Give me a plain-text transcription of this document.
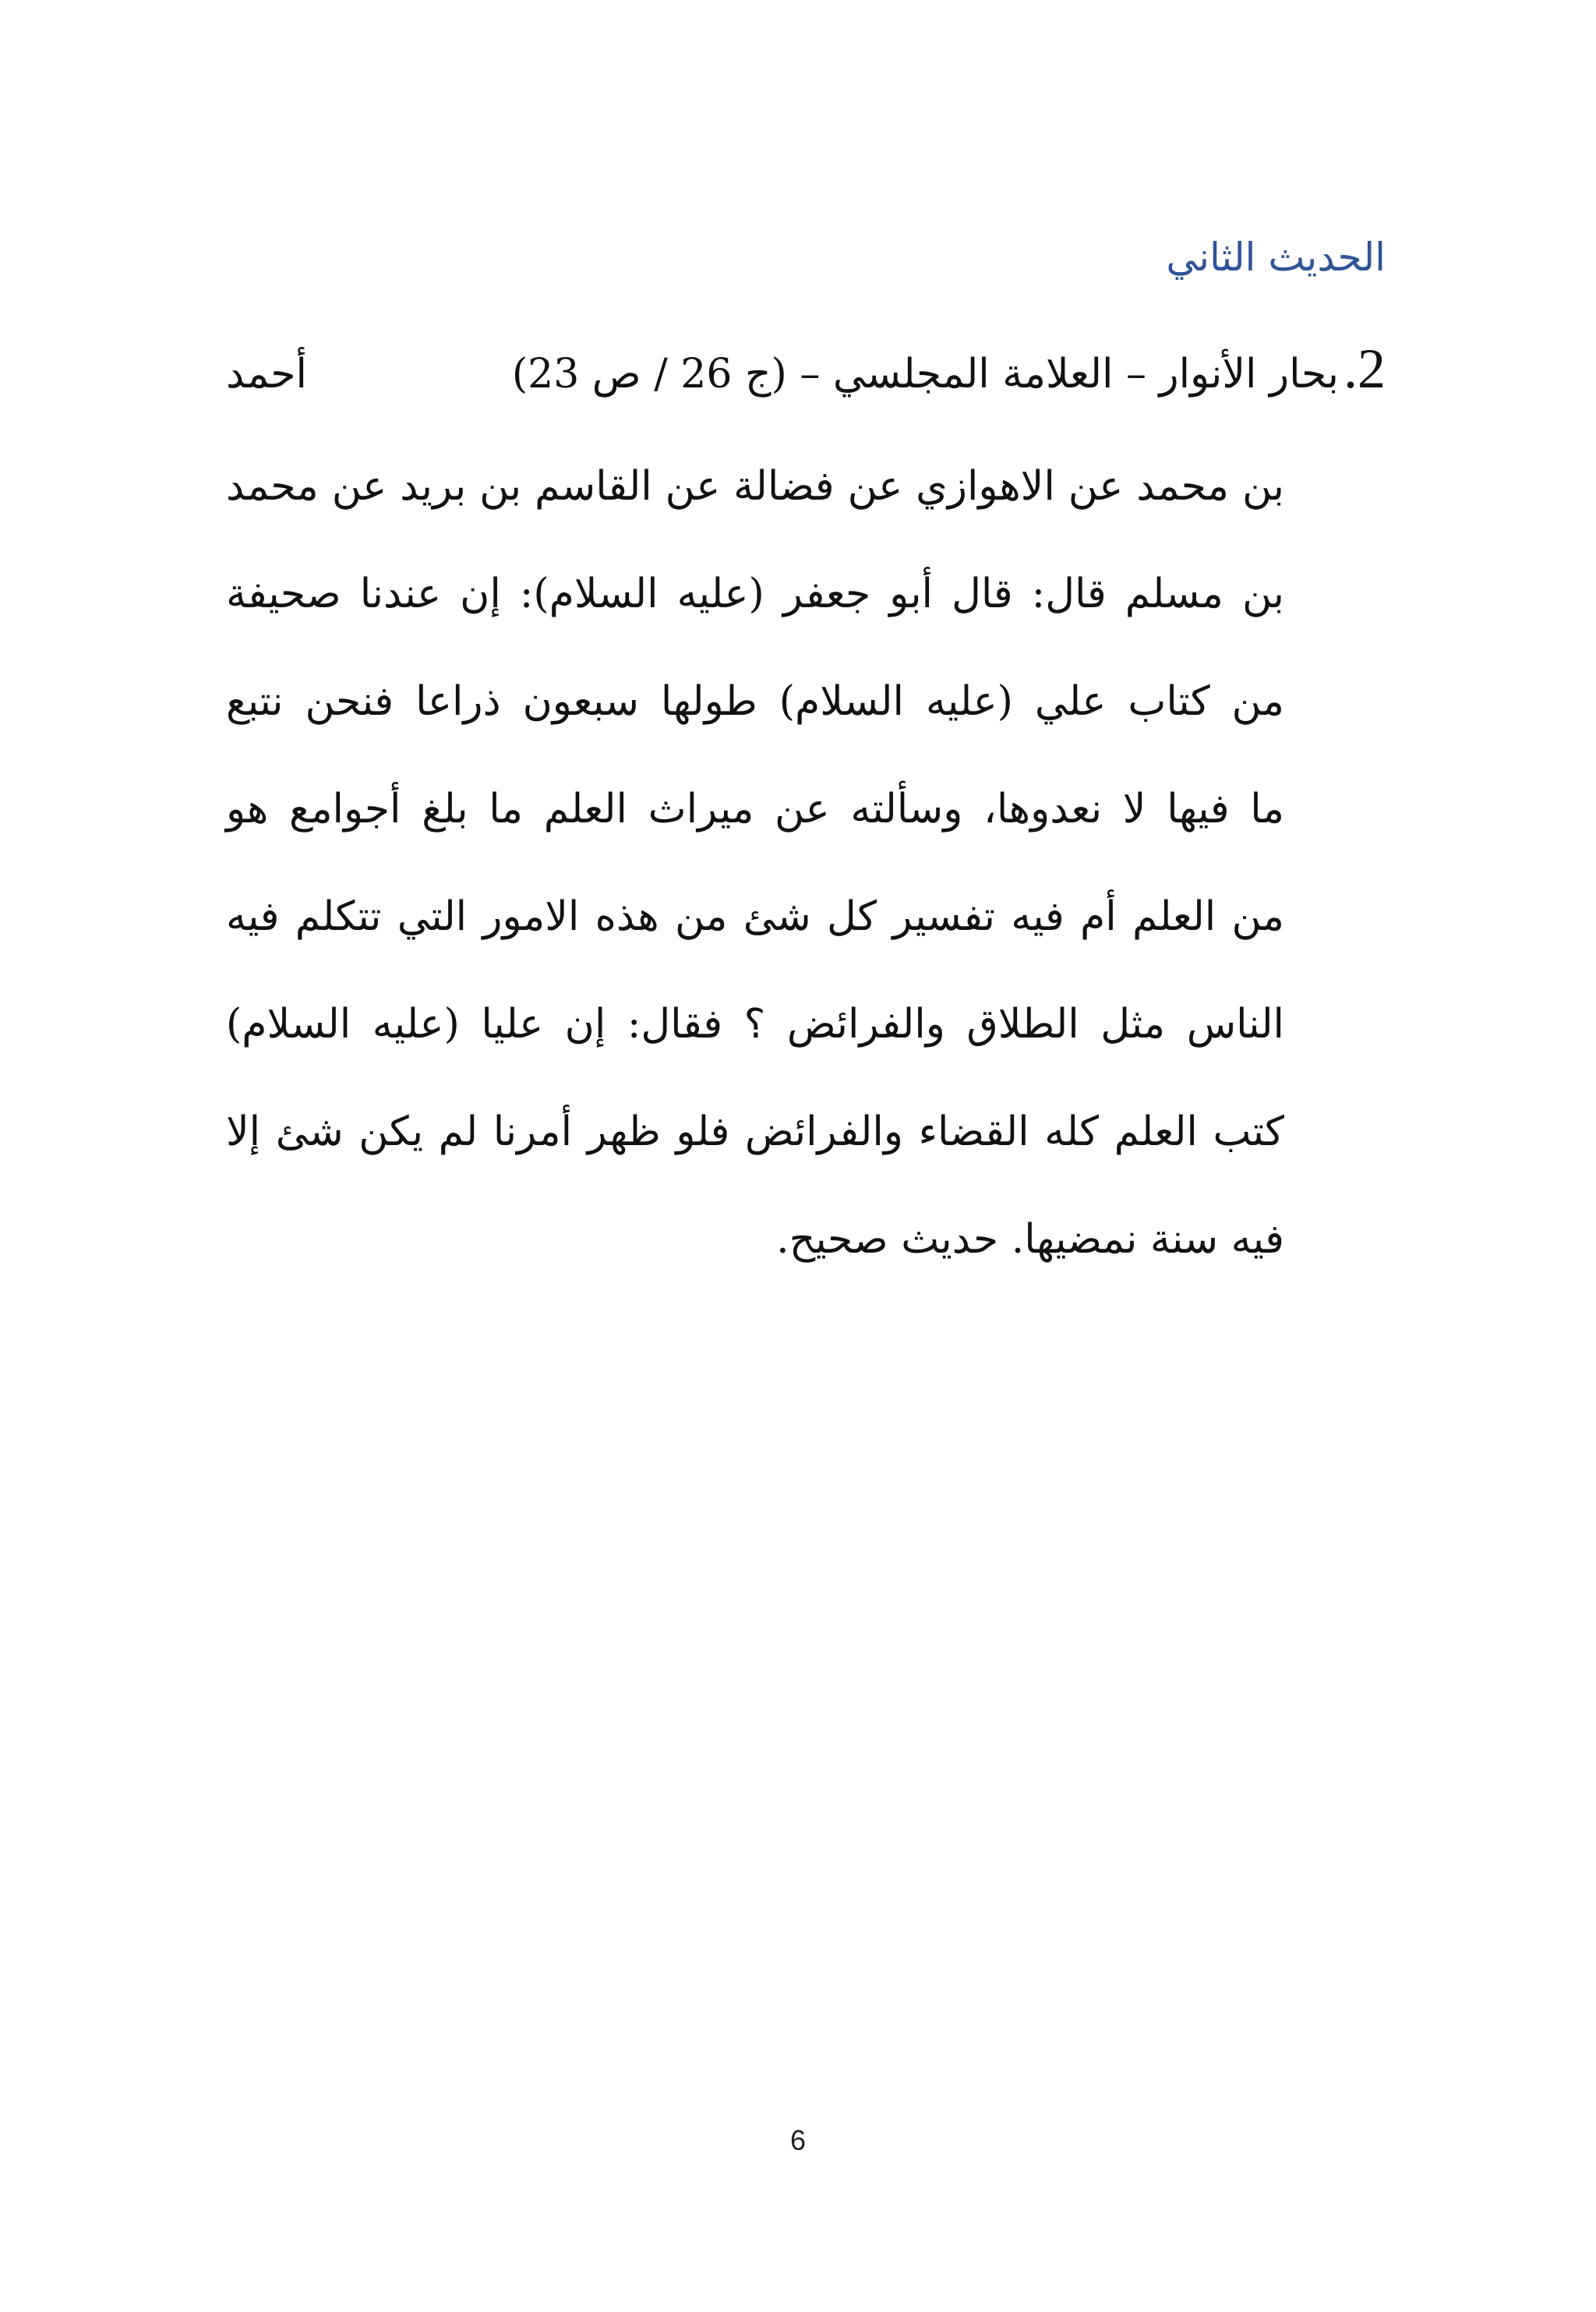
الحديث الثاني
2.
بحار الأنوار – العلامة المجلسي – (ج 26 / ص 23)
أحمد
بن محمد عن الاهوازي عن فضالة عن القاسم بن بريد عن محمد
بن مسلم قال: قال أبو جعفر (عليه السلام): إن عندنا صحيفة
من كتاب علي (عليه السلام) طولها سبعون ذراعا فنحن نتبع
ما فيها لا نعدوها، وسألته عن ميراث العلم ما بلغ أجوامع هو
من العلم أم فيه تفسير كل شئ من هذه الامور التي تتكلم فيه
الناس مثل الطلاق والفرائض ؟ فقال: إن عليا (عليه السلام)
كتب العلم كله القضاء والفرائض فلو ظهر أمرنا لم يكن شئ إلا
فيه سنة نمضيها. حديث صحيح.
6
